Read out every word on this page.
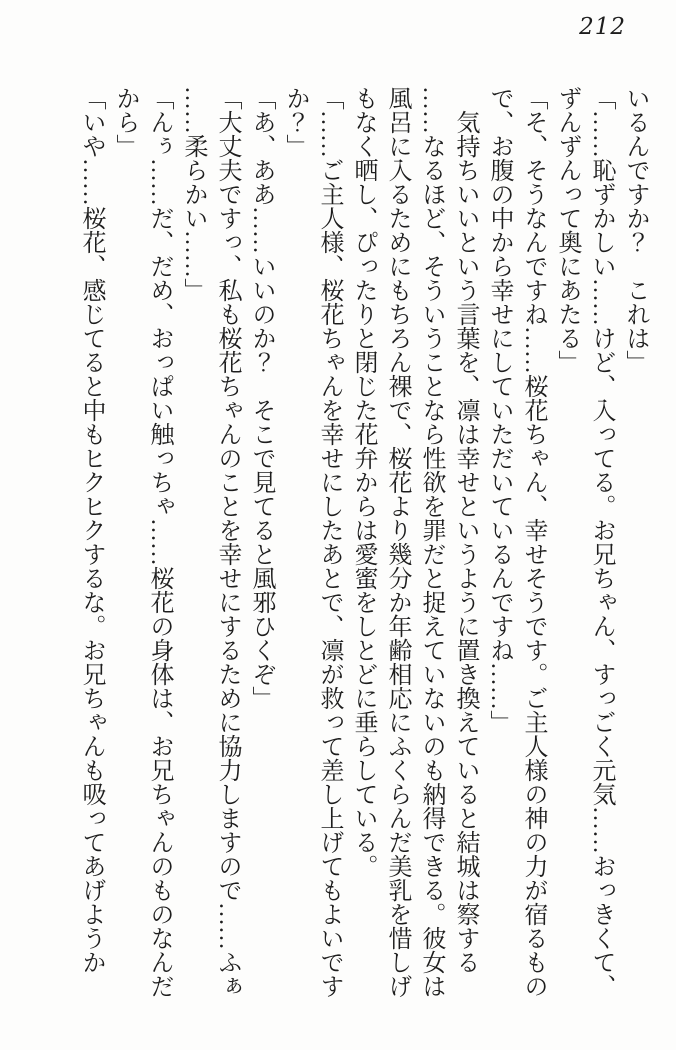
212
いるんですか？　これは」
「……恥ずかしい……けど、入ってる。お兄ちゃん、すっごく元気……おっきくて、
ずんずんって奥にあたる」
「そ、そうなんですね……桜花ちゃん、幸せそうです。ご主人様の神の力が宿るもの
で、お腹の中から幸せにしていただいているんですね……」
　気持ちいいという言葉を、凛は幸せというように置き換えていると結城は察する
……なるほど、そういうことなら性欲を罪だと捉えていないのも納得できる。彼女は
風呂に入るためにもちろん裸で、桜花より幾分か年齢相応にふくらんだ美乳を惜しげ
もなく晒し、ぴったりと閉じた花弁からは愛蜜をしとどに垂らしている。
「……ご主人様、桜花ちゃんを幸せにしたあとで、凛が救って差し上げてもよいです
か？」
「あ、ああ……いいのか？　そこで見てると風邪ひくぞ」
「大丈夫ですっ、私も桜花ちゃんのことを幸せにするために協力しますので……ふぁ
……柔らかい……」
「んぅ……だ、だめ、おっぱい触っちゃ……桜花の身体は、お兄ちゃんのものなんだ
から」
「いや……桜花、感じてると中もヒクヒクするな。お兄ちゃんも吸ってあげようか
